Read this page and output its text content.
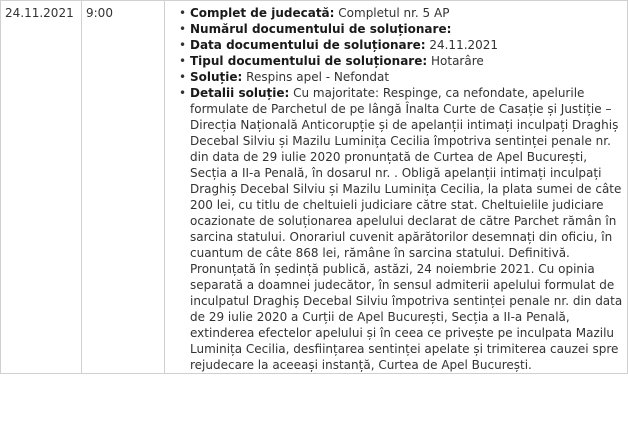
24.11.2021	9:00	• Complet de judecată: Completul nr. 5 AP
• Numărul documentului de soluționare:
• Data documentului de soluționare: 24.11.2021
• Tipul documentului de soluționare: Hotarâre
• Soluție: Respins apel - Nefondat
• Detalii soluție: Cu majoritate: Respinge, ca nefondate, apelurile formulate de Parchetul de pe lângă Înalta Curte de Casație și Justiție – Direcția Națională Anticorupție și de apelanții intimați inculpați Draghiș Decebal Silviu și Mazilu Luminița Cecilia împotriva sentinței penale nr. din data de 29 iulie 2020 pronunțată de Curtea de Apel București, Secția a II-a Penală, în dosarul nr. . Obligă apelanții intimați inculpați Draghiș Decebal Silviu și Mazilu Luminița Cecilia, la plata sumei de câte 200 lei, cu titlu de cheltuieli judiciare către stat. Cheltuielile judiciare ocazionate de soluționarea apelului declarat de către Parchet rămân în sarcina statului. Onorariul cuvenit apărătorilor desemnați din oficiu, în cuantum de câte 868 lei, rămâne în sarcina statului. Definitivă. Pronunțată în ședință publică, astăzi, 24 noiembrie 2021. Cu opinia separată a doamnei judecător, în sensul admiterii apelului formulat de inculpatul Draghiș Decebal Silviu împotriva sentinței penale nr. din data de 29 iulie 2020 a Curții de Apel București, Secția a II-a Penală, extinderea efectelor apelului și în ceea ce privește pe inculpata Mazilu Luminița Cecilia, desființarea sentinței apelate și trimiterea cauzei spre rejudecare la aceeași instanță, Curtea de Apel București.
